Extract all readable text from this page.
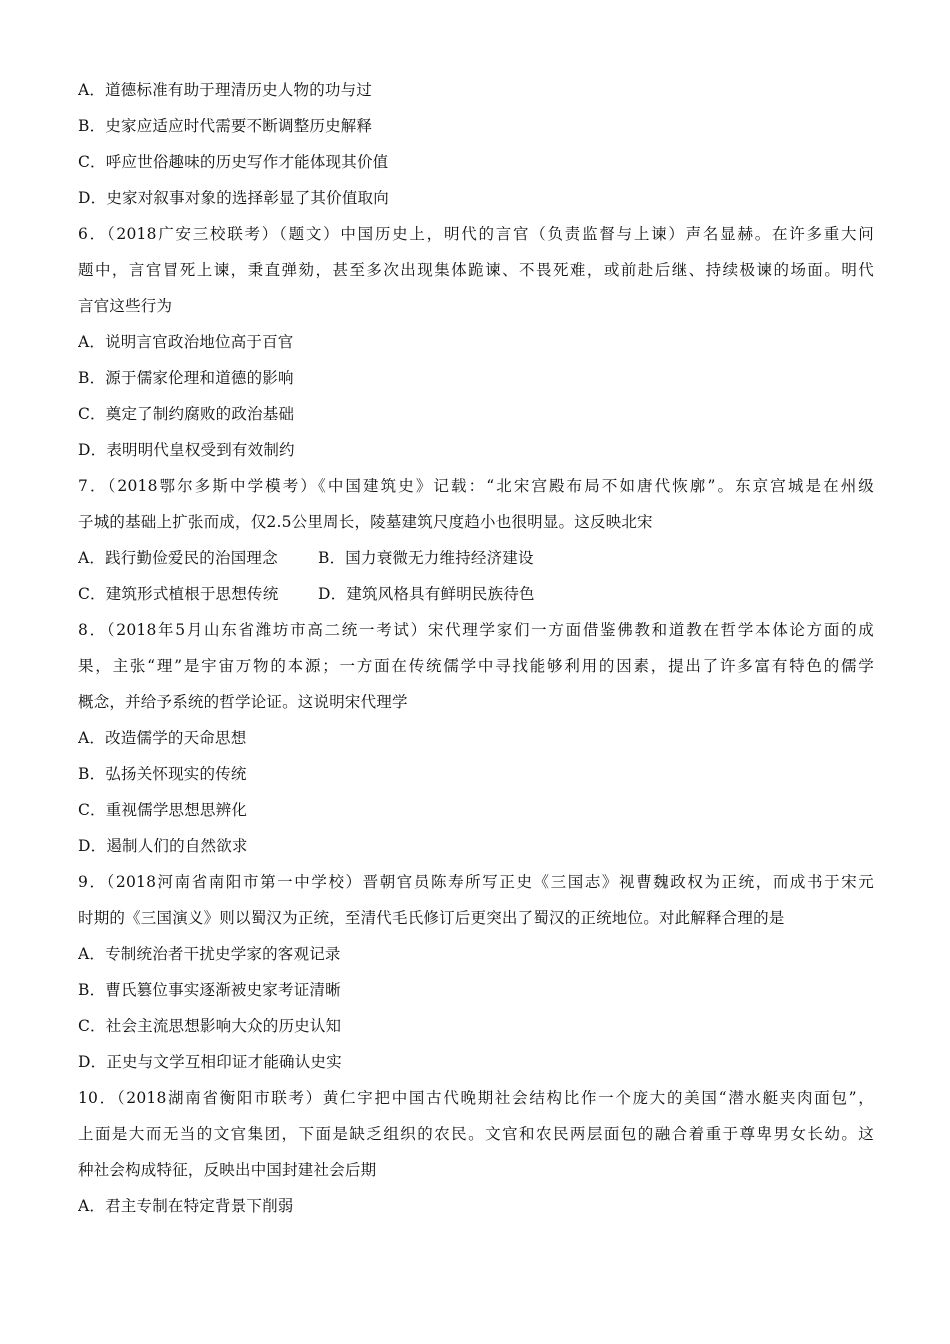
A．道德标准有助于理清历史人物的功与过
B．史家应适应时代需要不断调整历史解释
C．呼应世俗趣味的历史写作才能体现其价值
D．史家对叙事对象的选择彰显了其价值取向
6．（2018广安三校联考）（题文）中国历史上，明代的言官（负责监督与上谏）声名显赫。在许多重大问
题中，言官冒死上谏，秉直弹劾，甚至多次出现集体跪谏、不畏死难，或前赴后继、持续极谏的场面。明代
言官这些行为
A．说明言官政治地位高于百官
B．源于儒家伦理和道德的影响
C．奠定了制约腐败的政治基础
D．表明明代皇权受到有效制约
7．（2018鄂尔多斯中学模考）《中国建筑史》记载：“北宋宫殿布局不如唐代恢廓”。东京宫城是在州级
子城的基础上扩张而成，仅2.5公里周长，陵墓建筑尺度趋小也很明显。这反映北宋
A．践行勤俭爱民的治国理念	B．国力衰微无力维持经济建设
C．建筑形式植根于思想传统	D．建筑风格具有鲜明民族待色
8．（2018年5月山东省潍坊市高二统一考试）宋代理学家们一方面借鉴佛教和道教在哲学本体论方面的成
果，主张“理”是宇宙万物的本源；一方面在传统儒学中寻找能够利用的因素，提出了许多富有特色的儒学
概念，并给予系统的哲学论证。这说明宋代理学
A．改造儒学的天命思想
B．弘扬关怀现实的传统
C．重视儒学思想思辨化
D．遏制人们的自然欲求
9．（2018河南省南阳市第一中学校）晋朝官员陈寿所写正史《三国志》视曹魏政权为正统，而成书于宋元
时期的《三国演义》则以蜀汉为正统，至清代毛氏修订后更突出了蜀汉的正统地位。对此解释合理的是
A．专制统治者干扰史学家的客观记录
B．曹氏篡位事实逐渐被史家考证清晰
C．社会主流思想影响大众的历史认知
D．正史与文学互相印证才能确认史实
10．（2018湖南省衡阳市联考）黄仁宇把中国古代晚期社会结构比作一个庞大的美国“潜水艇夹肉面包”，
上面是大而无当的文官集团，下面是缺乏组织的农民。文官和农民两层面包的融合着重于尊卑男女长幼。这
种社会构成特征，反映出中国封建社会后期
A．君主专制在特定背景下削弱
